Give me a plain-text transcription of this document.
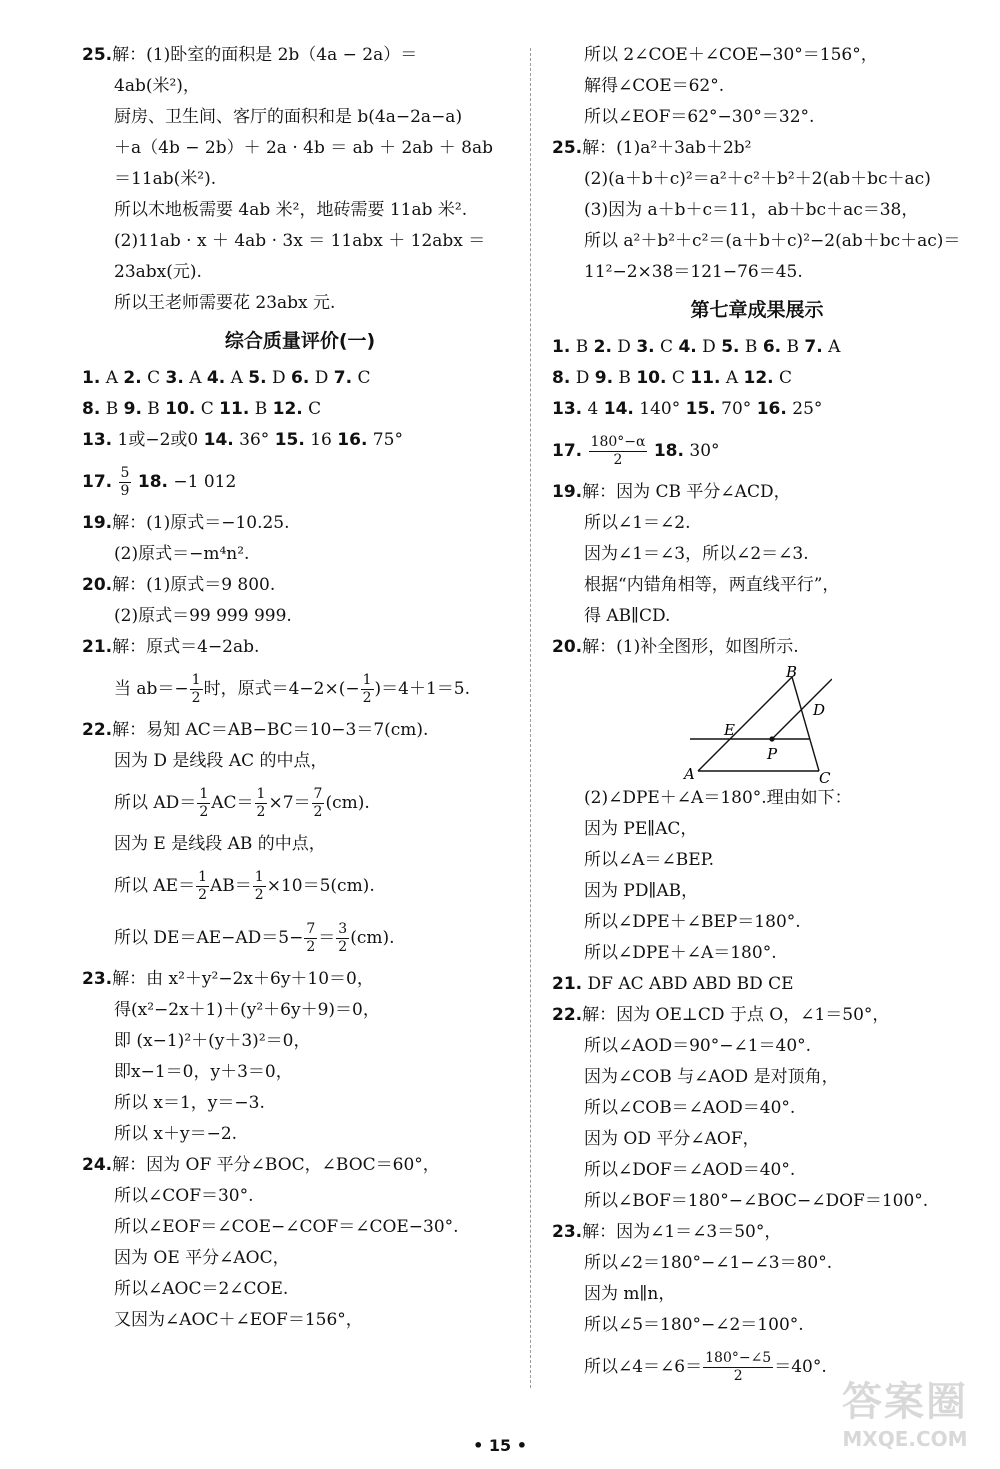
25.解：(1)卧室的面积是 2b（4a − 2a）＝
4ab(米²)，
厨房、卫生间、客厅的面积和是 b(4a−2a−a)
＋a（4b − 2b）＋ 2a · 4b ＝ ab ＋ 2ab ＋ 8ab
＝11ab(米²).
所以木地板需要 4ab 米²，地砖需要 11ab 米².
(2)11ab · x ＋ 4ab · 3x ＝ 11abx ＋ 12abx ＝
23abx(元).
所以王老师需要花 23abx 元.
综合质量评价(一)
1. A 2. C 3. A 4. A 5. D 6. D 7. C
8. B 9. B 10. C 11. B 12. C
13. 1或−2或0 14. 36° 15. 16 16. 75°
17. $\frac{5}{9} 18$. −1 012
19.解：(1)原式＝−10.25.
(2)原式＝−m⁴n².
20.解：(1)原式＝9 800.
(2)原式＝99 999 999.
21.解：原式＝4−2ab.
当 $ab=- \frac{1}{2}$ 时，原式$=4-2\times(- \frac{1}{2} )=4+1=5$.
22.解：易知 AC＝AB−BC＝10−3＝7(cm).
因为 D 是线段 AC 的中点，
所以 $AD= \frac{1}{2} AC= \frac{1}{2} \times 7= \frac{7}{2} (cm)$.
因为 E 是线段 AB 的中点，
所以 $AE= \frac{1}{2} AB= \frac{1}{2} \times 10=5(cm)$.
所以 $DE=AE-AD=5- \frac{7}{2} = \frac{3}{2} (cm)$.
23.解：由 x²＋y²−2x＋6y＋10＝0，
得(x²−2x＋1)＋(y²＋6y＋9)＝0，
即 (x−1)²＋(y＋3)²＝0，
即x−1＝0，y＋3＝0，
所以 x＝1，y＝−3.
所以 x＋y＝−2.
24.解：因为 OF 平分∠BOC，∠BOC＝60°，
所以∠COF＝30°.
所以∠EOF＝∠COE−∠COF＝∠COE−30°.
因为 OE 平分∠AOC，
所以∠AOC＝2∠COE.
又因为∠AOC＋∠EOF＝156°，
所以 2∠COE＋∠COE−30°＝156°，
解得∠COE＝62°.
所以∠EOF＝62°−30°＝32°.
25.解：(1)a²＋3ab＋2b²
(2)(a＋b＋c)²＝a²＋c²＋b²＋2(ab＋bc＋ac)
(3)因为 a＋b＋c＝11，ab＋bc＋ac＝38，
所以 a²＋b²＋c²＝(a＋b＋c)²−2(ab＋bc＋ac)＝
11²−2×38＝121−76＝45.
第七章成果展示
1. B 2. D 3. C 4. D 5. B 6. B 7. A
8. D 9. B 10. C 11. A 12. C
13. 4 14. 140° 15. 70° 16. 25°
17. $\frac{180^\circ-\alpha}{2} 18$. 30°
19.解：因为 CB 平分∠ACD，
所以∠1＝∠2.
因为∠1＝∠3，所以∠2＝∠3.
根据“内错角相等，两直线平行”，
得 AB∥CD.
20.解：(1)补全图形，如图所示.
B
D
E
P
A	C
(2)∠DPE＋∠A＝180°.理由如下：
因为 PE∥AC，
所以∠A＝∠BEP.
因为 PD∥AB，
所以∠DPE＋∠BEP＝180°.
所以∠DPE＋∠A＝180°.
21. DF AC ABD ABD BD CE
22.解：因为 OE⊥CD 于点 O，∠1＝50°，
所以∠AOD＝90°−∠1＝40°.
因为∠COB 与∠AOD 是对顶角，
所以∠COB＝∠AOD＝40°.
因为 OD 平分∠AOF，
所以∠DOF＝∠AOD＝40°.
所以∠BOF＝180°−∠BOC−∠DOF＝100°.
23.解：因为∠1＝∠3＝50°，
所以∠2＝180°−∠1−∠3＝80°.
因为 m∥n，
所以∠5＝180°−∠2＝100°.
所以∠4＝∠6＝ $\frac{180^\circ-\angle 5}{2} =40^\circ$.
• 15 •
答案圈
MXQE.COM
